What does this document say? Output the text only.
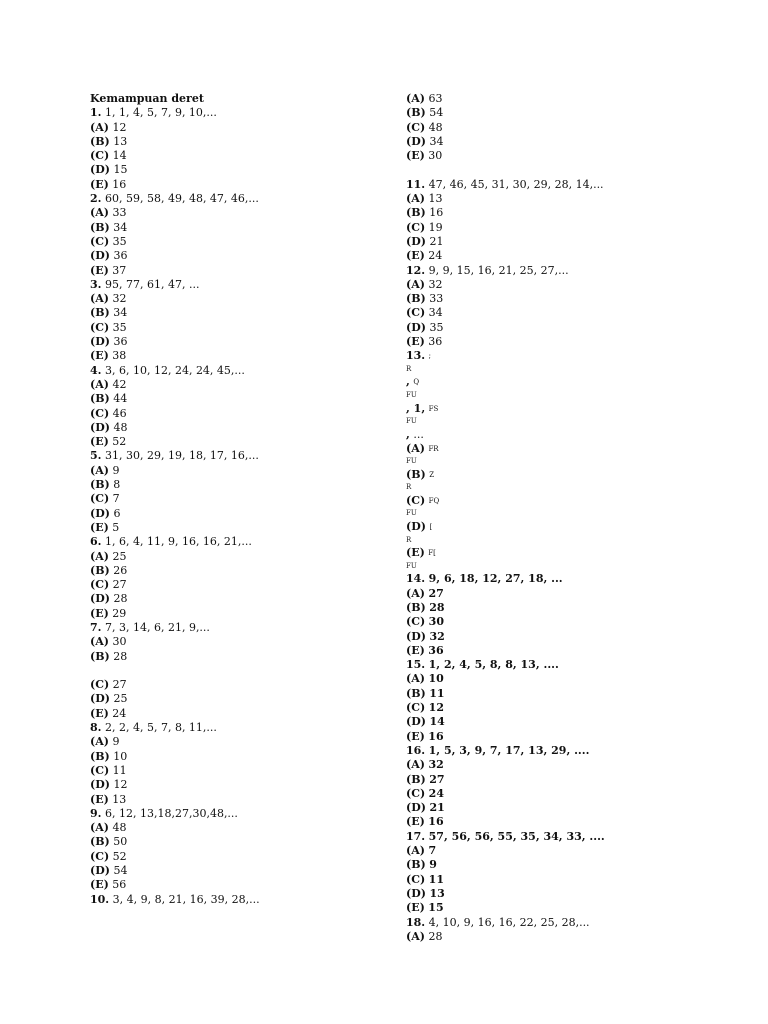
Kemampuan deret
1. 1, 1, 4, 5, 7, 9, 10,...
(A) 12
(B) 13
(C) 14
(D) 15
(E) 16
2. 60, 59, 58, 49, 48, 47, 46,...
(A) 33
(B) 34
(C) 35
(D) 36
(E) 37
3. 95, 77, 61, 47, ...
(A) 32
(B) 34
(C) 35
(D) 36
(E) 38
4. 3, 6, 10, 12, 24, 24, 45,...
(A) 42
(B) 44
(C) 46
(D) 48
(E) 52
5. 31, 30, 29, 19, 18, 17, 16,...
(A) 9
(B) 8
(C) 7
(D) 6
(E) 5
6. 1, 6, 4, 11, 9, 16, 16, 21,...
(A) 25
(B) 26
(C) 27
(D) 28
(E) 29
7. 7, 3, 14, 6, 21, 9,...
(A) 30
(B) 28
(C) 27
(D) 25
(E) 24
8. 2, 2, 4, 5, 7, 8, 11,...
(A) 9
(B) 10
(C) 11
(D) 12
(E) 13
9. 6, 12, 13,18,27,30,48,...
(A) 48
(B) 50
(C) 52
(D) 54
(E) 56
10. 3, 4, 9, 8, 21, 16, 39, 28,...
(A) 63
(B) 54
(C) 48
(D) 34
(E) 30
11. 47, 46, 45, 31, 30, 29, 28, 14,...
(A) 13
(B) 16
(C) 19
(D) 21
(E) 24
12. 9, 9, 15, 16, 21, 25, 27,...
(A) 32
(B) 33
(C) 34
(D) 35
(E) 36
13. ;
R
, Q
FU
, 1, FS
FU
, ...
(A) FR
FU
(B) Z
R
(C) FQ
FU
(D) [
R
(E) F[
FU
14. 9, 6, 18, 12, 27, 18, ...
(A) 27
(B) 28
(C) 30
(D) 32
(E) 36
15. 1, 2, 4, 5, 8, 8, 13, ....
(A) 10
(B) 11
(C) 12
(D) 14
(E) 16
16. 1, 5, 3, 9, 7, 17, 13, 29, ....
(A) 32
(B) 27
(C) 24
(D) 21
(E) 16
17. 57, 56, 56, 55, 35, 34, 33, ....
(A) 7
(B) 9
(C) 11
(D) 13
(E) 15
18. 4, 10, 9, 16, 16, 22, 25, 28,...
(A) 28
